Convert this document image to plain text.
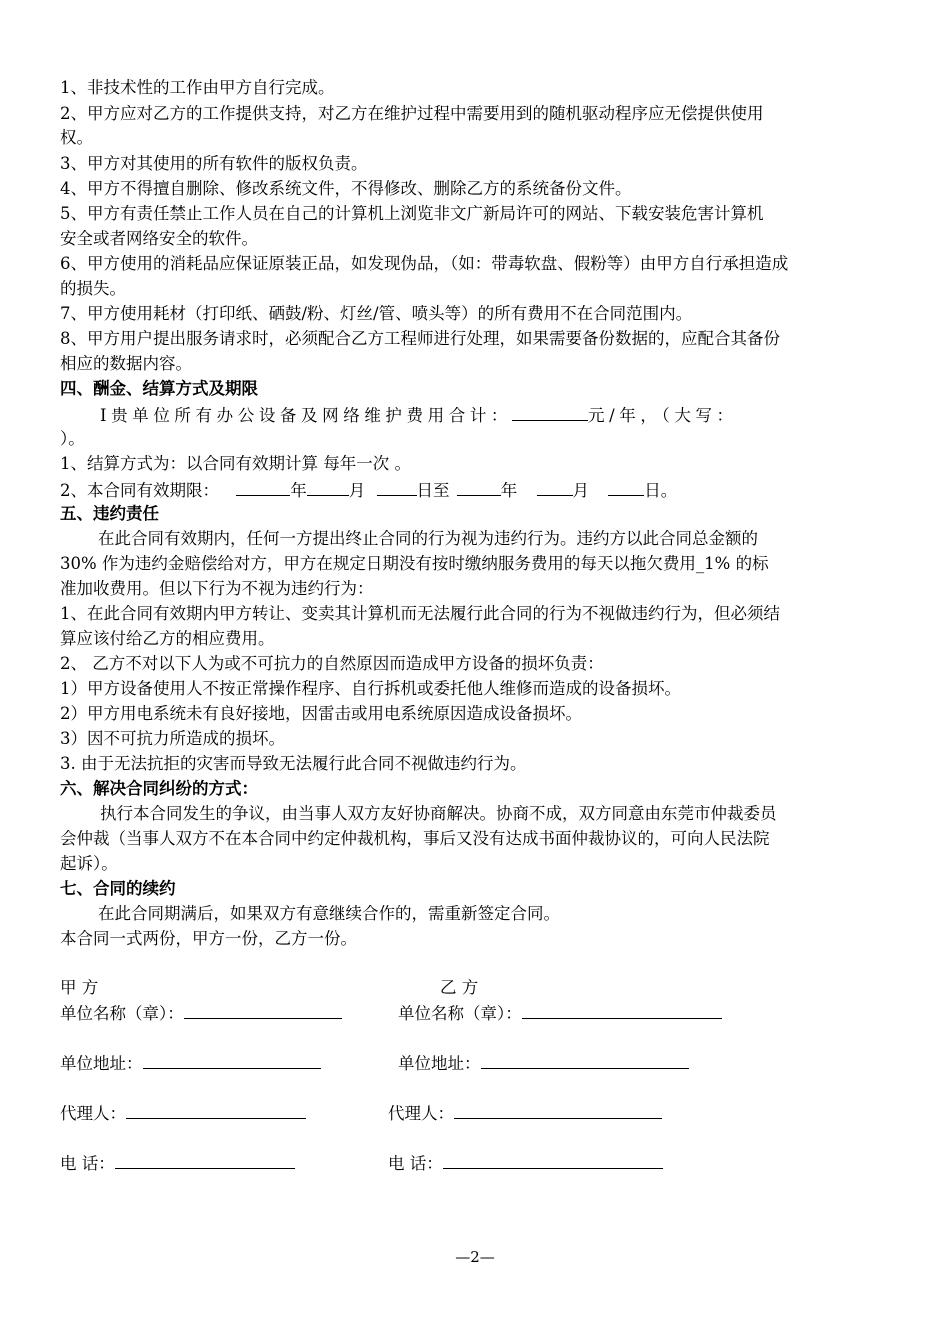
1、非技术性的工作由甲方自行完成。
2、甲方应对乙方的工作提供支持，对乙方在维护过程中需要用到的随机驱动程序应无偿提供使用
权。
3、甲方对其使用的所有软件的版权负责。
4、甲方不得擅自删除、修改系统文件，不得修改、删除乙方的系统备份文件。
5、甲方有责任禁止工作人员在自己的计算机上浏览非文广新局许可的网站、下载安装危害计算机
安全或者网络安全的软件。
6、甲方使用的消耗品应保证原装正品，如发现伪品，（如：带毒软盘、假粉等）由甲方自行承担造成
的损失。
7、甲方使用耗材（打印纸、硒鼓/粉、灯丝/管、喷头等）的所有费用不在合同范围内。
8、甲方用户提出服务请求时，必须配合乙方工程师进行处理，如果需要备份数据的，应配合其备份
相应的数据内容。
四、酬金、结算方式及期限
Ⅰ贵单位所有办公设备及网络维护费用合计：	元/年，（大写：
）。
1、结算方式为：以合同有效期计算 每年一次 。
2、本合同有效期限：	年	月	日至	年	月	日。
五、违约责任
在此合同有效期内，任何一方提出终止合同的行为视为违约行为。违约方以此合同总金额的
30% 作为违约金赔偿给对方，甲方在规定日期没有按时缴纳服务费用的每天以拖欠费用_1% 的标
准加收费用。但以下行为不视为违约行为：
1、在此合同有效期内甲方转让、变卖其计算机而无法履行此合同的行为不视做违约行为，但必须结
算应该付给乙方的相应费用。
2、 乙方不对以下人为或不可抗力的自然原因而造成甲方设备的损坏负责：
1）甲方设备使用人不按正常操作程序、自行拆机或委托他人维修而造成的设备损坏。
2）甲方用电系统未有良好接地，因雷击或用电系统原因造成设备损坏。
3）因不可抗力所造成的损坏。
3. 由于无法抗拒的灾害而导致无法履行此合同不视做违约行为。
六、解决合同纠纷的方式：
执行本合同发生的争议，由当事人双方友好协商解决。协商不成，双方同意由东莞市仲裁委员
会仲裁（当事人双方不在本合同中约定仲裁机构，事后又没有达成书面仲裁协议的，可向人民法院
起诉）。
七、合同的续约
在此合同期满后，如果双方有意继续合作的，需重新签定合同。
本合同一式两份，甲方一份，乙方一份。
甲 方	乙 方
单位名称（章）：	单位名称（章）：
单位地址：	单位地址：
代理人：	代理人：
电 话：	电 话：
—2—
